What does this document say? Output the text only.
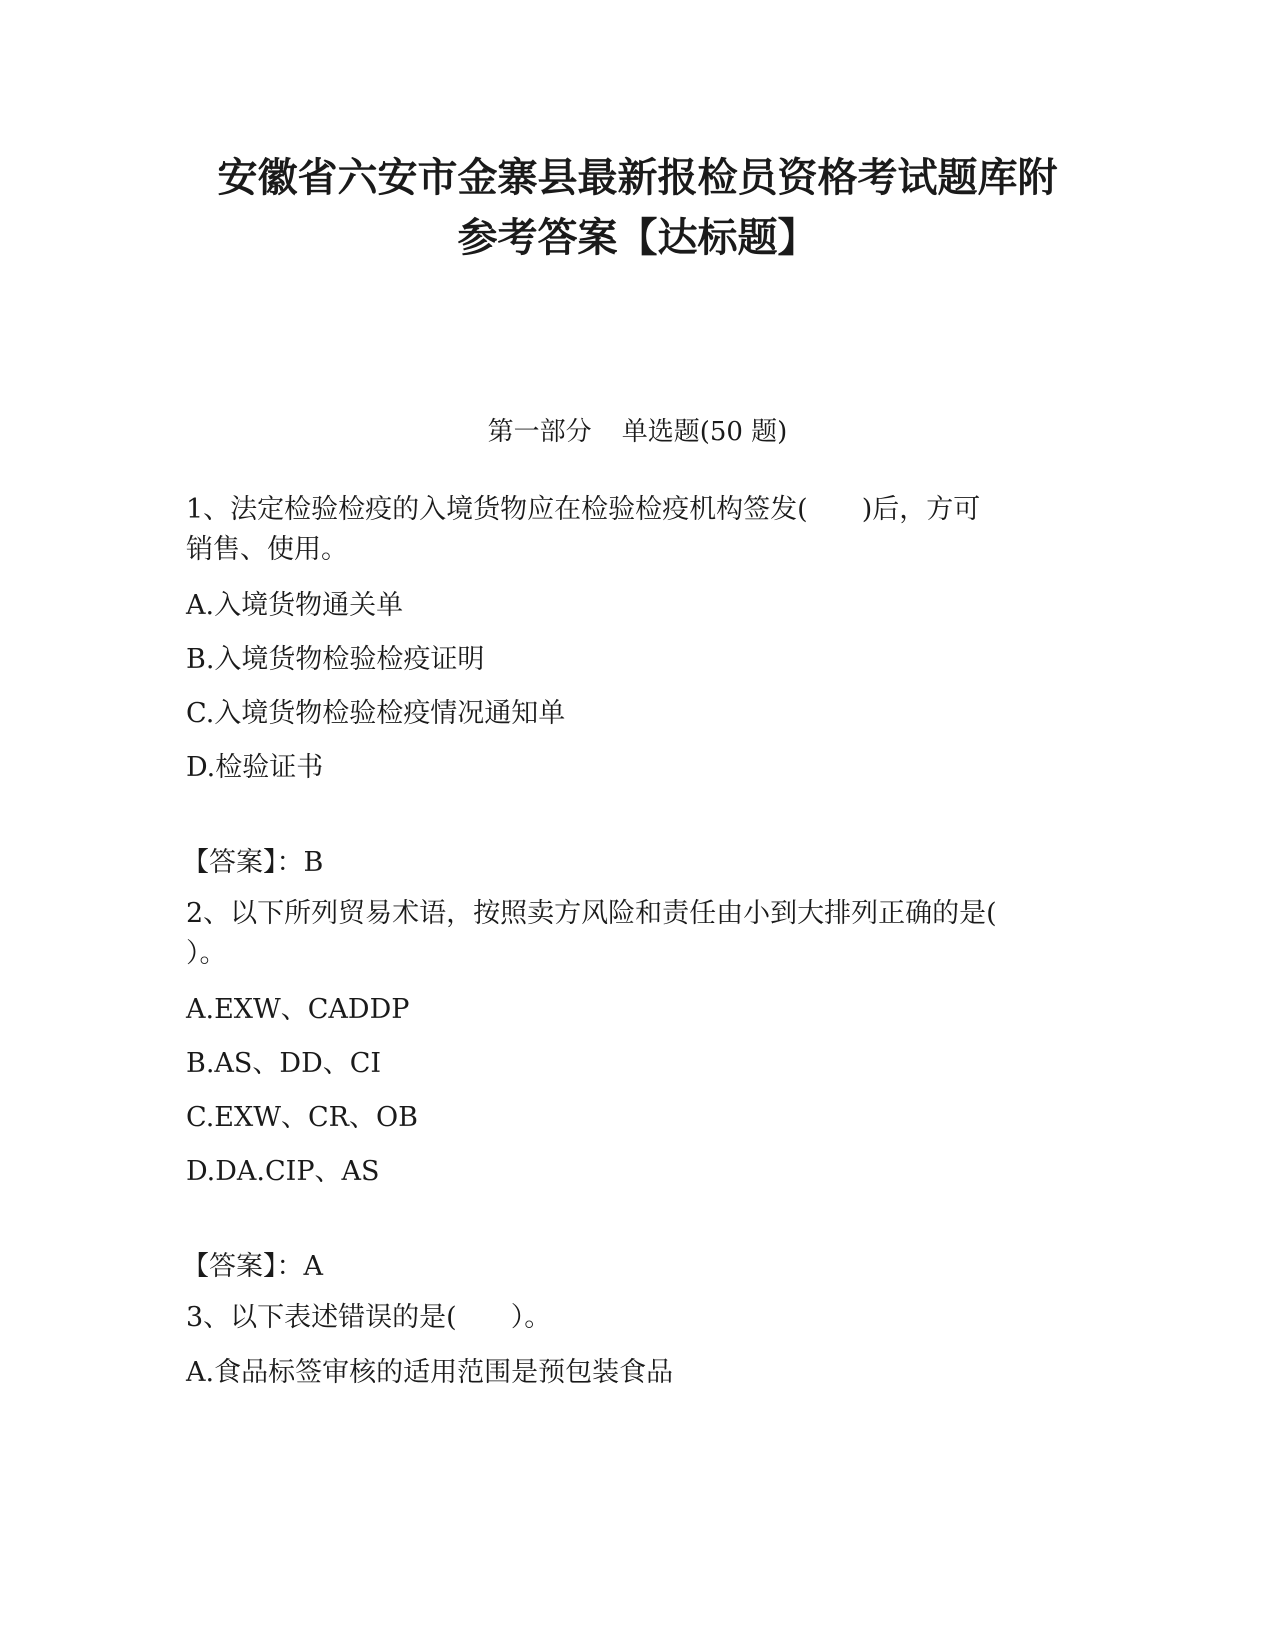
安徽省六安市金寨县最新报检员资格考试题库附
参考答案【达标题】
第一部分 单选题(50 题)
1、法定检验检疫的入境货物应在检验检疫机构签发(　　)后，方可
销售、使用。
A.入境货物通关单
B.入境货物检验检疫证明
C.入境货物检验检疫情况通知单
D.检验证书
【答案】：B
2、以下所列贸易术语，按照卖方风险和责任由小到大排列正确的是(
）。
A.EXW、CADDP
B.AS、DD、CI
C.EXW、CR、OB
D.DA.CIP、AS
【答案】：A
3、以下表述错误的是(　　）。
A.食品标签审核的适用范围是预包装食品
